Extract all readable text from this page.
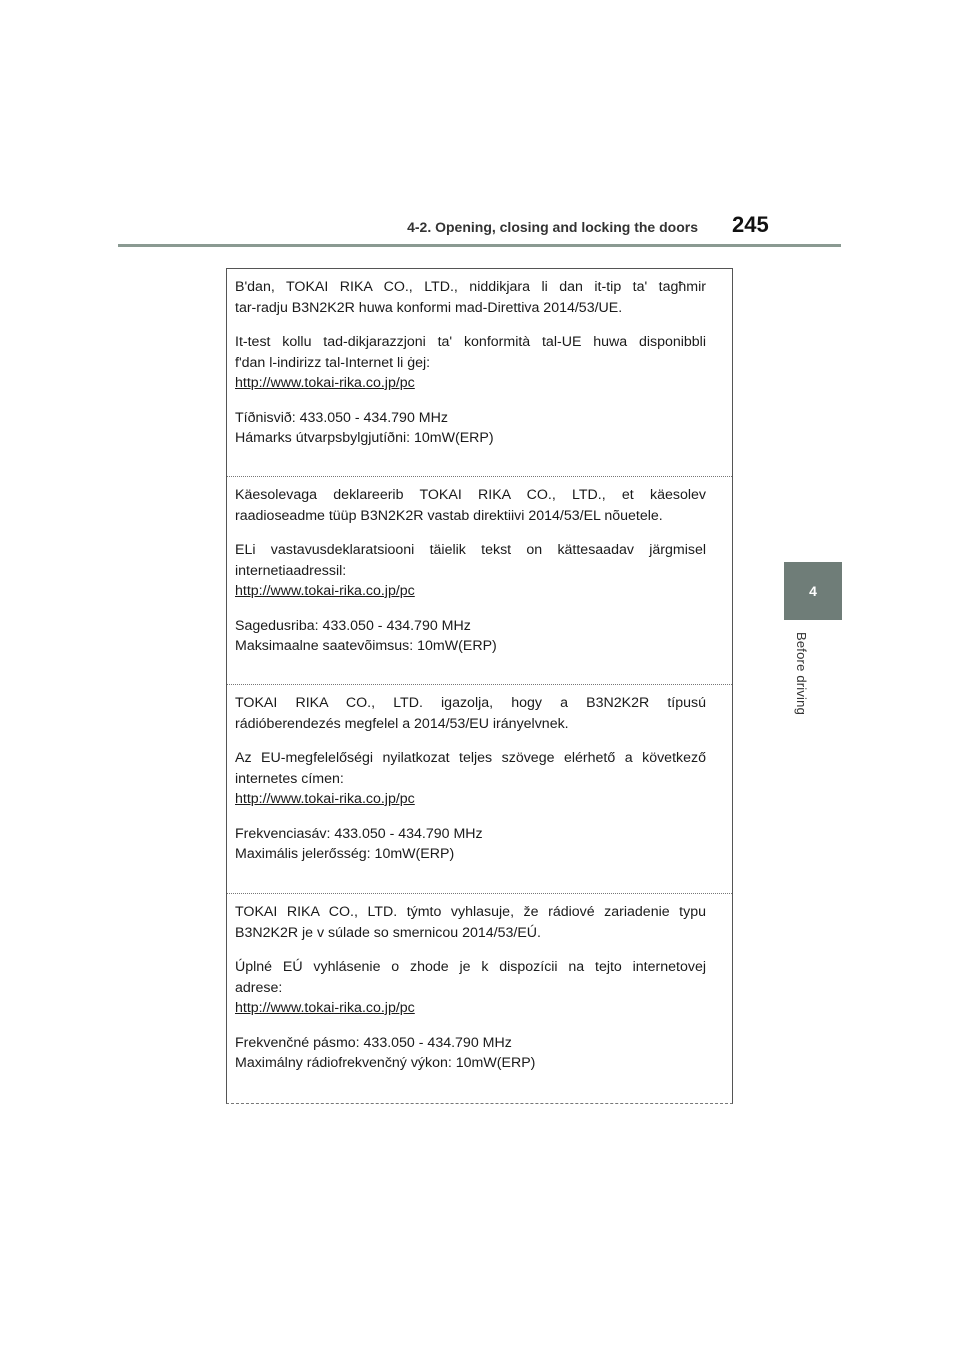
4-2. Opening, closing and locking the doors 245
4
Before driving

B'dan, TOKAI RIKA CO., LTD., niddikjara li dan it-tip ta' tagħmir
tar-radju B3N2K2R huwa konformi mad-Direttiva 2014/53/UE.

It-test kollu tad-dikjarazzjoni ta' konformità tal-UE huwa disponibbli
f'dan l-indirizz tal-Internet li ġej:
http://www.tokai-rika.co.jp/pc

Tíðnisvið: 433.050 - 434.790 MHz
Hámarks útvarpsbylgjutíðni: 10mW(ERP)

Käesolevaga deklareerib TOKAI RIKA CO., LTD., et käesolev
raadioseadme tüüp B3N2K2R vastab direktiivi 2014/53/EL nõuetele.

ELi vastavusdeklaratsiooni täielik tekst on kättesaadav järgmisel
internetiaadressil:
http://www.tokai-rika.co.jp/pc

Sagedusriba: 433.050 - 434.790 MHz
Maksimaalne saatevõimsus: 10mW(ERP)

TOKAI RIKA CO., LTD. igazolja, hogy a B3N2K2R típusú
rádióberendezés megfelel a 2014/53/EU irányelvnek.

Az EU-megfelelőségi nyilatkozat teljes szövege elérhető a következő
internetes címen:
http://www.tokai-rika.co.jp/pc

Frekvenciasáv: 433.050 - 434.790 MHz
Maximális jelerősség: 10mW(ERP)

TOKAI RIKA CO., LTD. týmto vyhlasuje, že rádiové zariadenie typu
B3N2K2R je v súlade so smernicou 2014/53/EÚ.

Úplné EÚ vyhlásenie o zhode je k dispozícii na tejto internetovej
adrese:
http://www.tokai-rika.co.jp/pc

Frekvenčné pásmo: 433.050 - 434.790 MHz
Maximálny rádiofrekvenčný výkon: 10mW(ERP)
